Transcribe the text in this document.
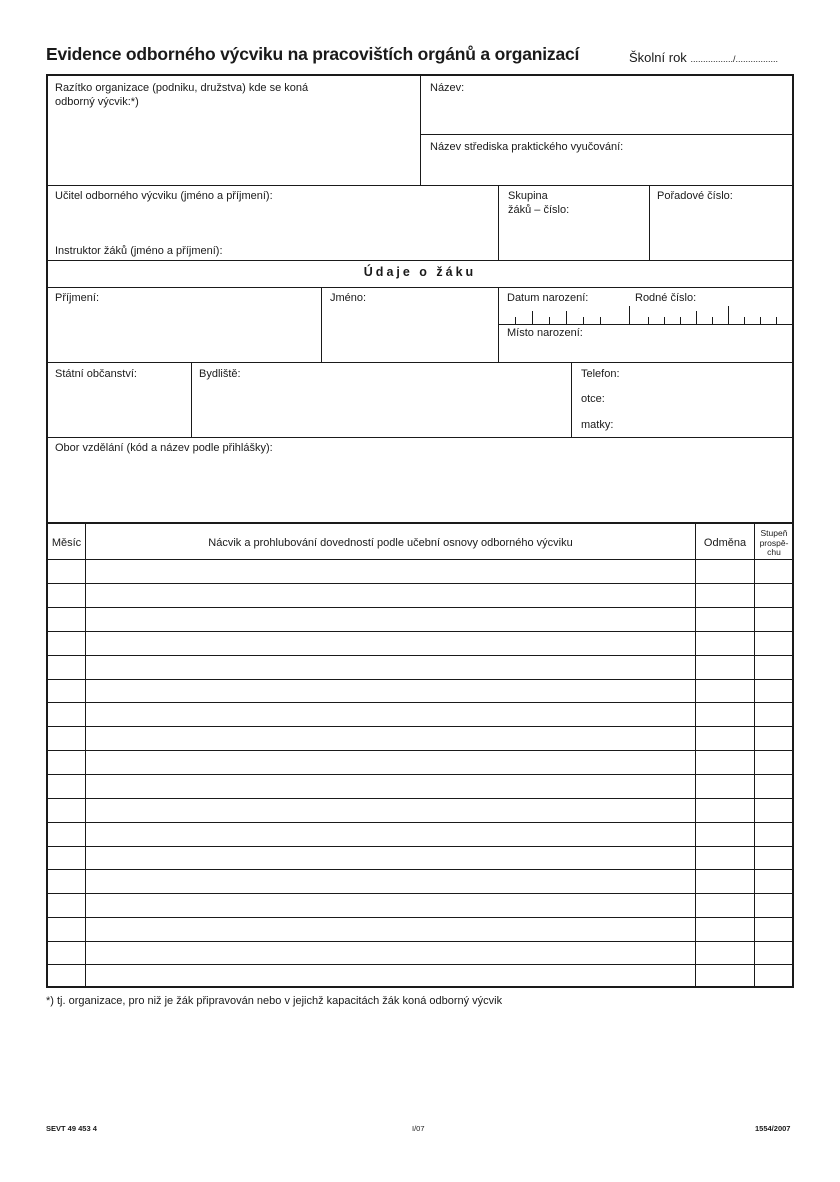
Evidence odborného výcviku na pracovištích orgánů a organizací	Školní rok ................./.................
Razítko organizace (podniku, družstva) kde se koná
odborný výcvik:*)
Název:
Název střediska praktického vyučování:
Učitel odborného výcviku (jméno a příjmení):
Instruktor žáků (jméno a příjmení):
Skupina
žáků – číslo:
Pořadové číslo:
Údaje o žáku
Příjmení:	Jméno:	Datum narození:	Rodné číslo:
Místo narození:
Státní občanství:	Bydliště:	Telefon:
otce:
matky:
Obor vzdělání (kód a název podle přihlášky):
Měsíc	Nácvik a prohlubování dovedností podle učební osnovy odborného výcviku	Odměna
Stupeň
prospě-
chu
*) tj. organizace, pro niž je žák připravován nebo v jejichž kapacitách žák koná odborný výcvik
SEVT 49 453 4	I/07	1554/2007
